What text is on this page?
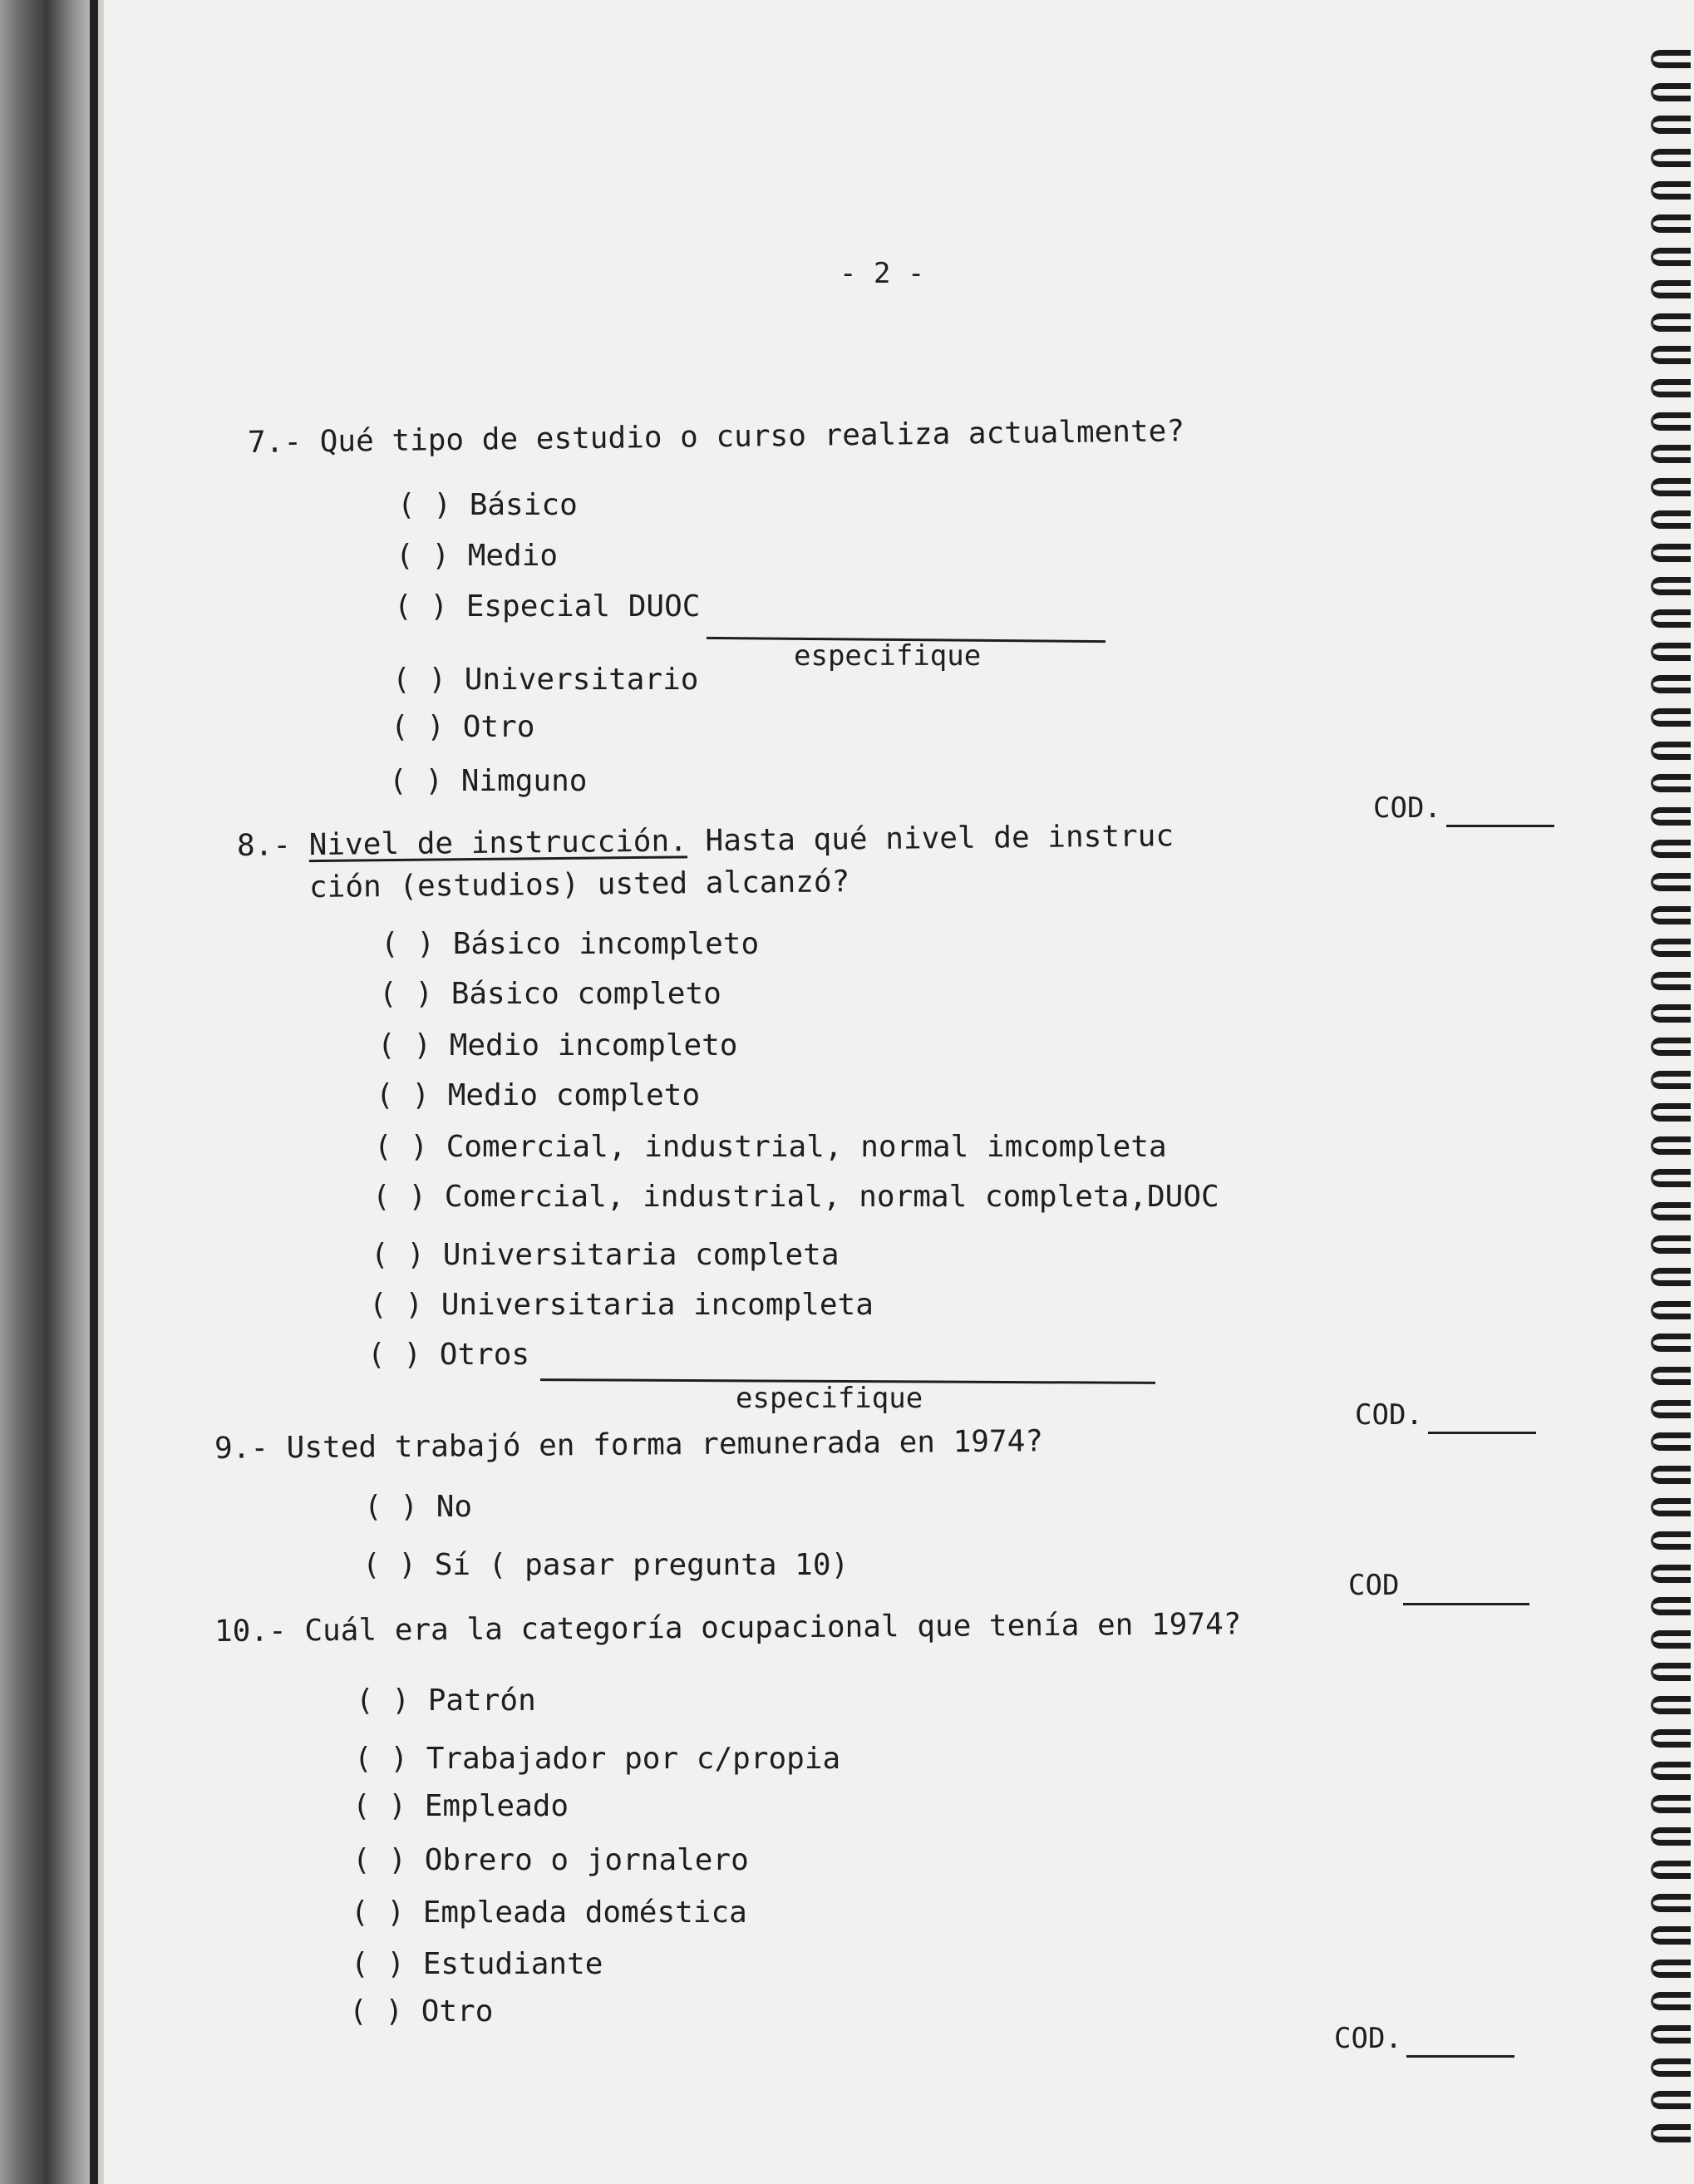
- 2 -
7.- Qué tipo de estudio o curso realiza actualmente?
( ) Básico
( ) Medio
( ) Especial DUOC
especifique
( ) Universitario
( ) Otro
( ) Nimguno
COD.
8.- Nivel de instrucción. Hasta qué nivel de instruc
ción (estudios) usted alcanzó?
( ) Básico incompleto
( ) Básico completo
( ) Medio incompleto
( ) Medio completo
( ) Comercial, industrial, normal imcompleta
( ) Comercial, industrial, normal completa,DUOC
( ) Universitaria completa
( ) Universitaria incompleta
( ) Otros
especifique	COD.
9.- Usted trabajó en forma remunerada en 1974?
( ) No
( ) Sí ( pasar pregunta 10)
COD
10.- Cuál era la categoría ocupacional que tenía en 1974?
( ) Patrón
( ) Trabajador por c/propia
( ) Empleado
( ) Obrero o jornalero
( ) Empleada doméstica
( ) Estudiante
( ) Otro
COD.
